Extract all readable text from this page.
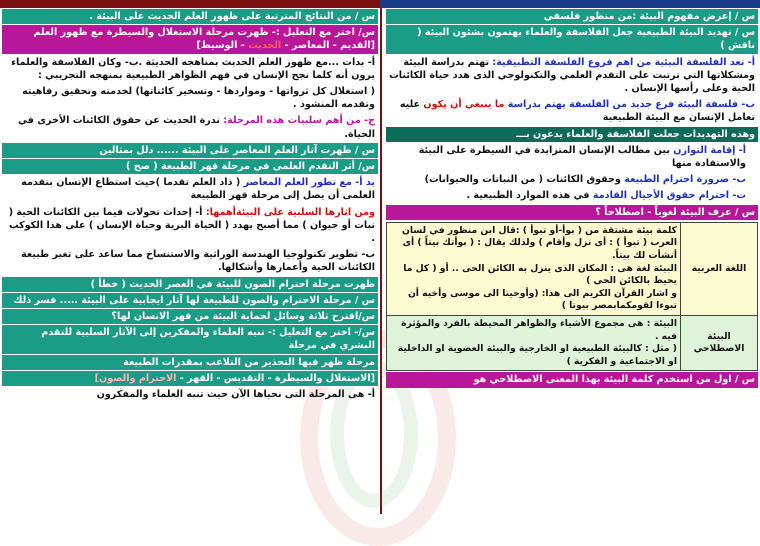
س / إعرض مفهوم البيئة :من منظور فلسفي
س / تهديد البيئة الطبيعية جعل الفلاسفة والعلماء يهتمون بشئون البيئة ( ناقش )
أ- تعد الفلسفة البيئية من اهم فروع الفلسفة التطبيقية: تهتم بدراسة البيئة ومشكلاتها التي ترتبت على التقدم العلمي والتكنولوجي الذى هدد حياة الكائنات الحية وعلى رأسها الإنسان .
ب- فلسفة البيئة فرع جديد من الفلسفة يهتم بدراسة ما ينبغي أن يكون عليه تعامل الإنسان مع البيئة الطبيعية
وهذه التهديدات جعلت الفلاسفة والعلماء يدعون بـــ
أ- إقامة التوازن بين مطالب الإنسان المتزايدة في السيطرة على البيئة والاستفادة منها
ب- ضرورة احترام الطبيعة وحقوق الكائنات ( من النباتات والحيوانات)
ت- احترام حقوق الأجيال القادمة في هذه الموارد الطبيعية .
س / عرف البيئة لغوياً - اصطلاحاً ؟
اللغة العربية	كلمة بيئة مشتقة من ( بوأ-أو تبوأ ) :قال ابن منظور في لسان العرب ( تبوأ ) : أى نزل وأقام ) ولذلك يقال : ( بوأتك بيتاً ) أى أنشأت لك بيتاً.
البيئة لغة هى : المكان الذى ينزل به الكائن الحى .. أو ( كل ما يحيط بالكائن الحي )
و اشار القرآن الكريم الى هذا: (وأوحينا الى موسى وأخيه أن تبوءا لقومكمابمصر بيوتا )

البيئة الاصطلاحي	البيئة : هى مجموع الأشياء والظواهر المحيطة بالفرد والمؤثرة فيه .
( مثل : كالبيئة الطبيعية او الخارجية والبيئة العضوية او الداخلية او الاجتماعية و الفكرية )
س / اول من استخدم كلمة البيئة بهذا المعنى الاصطلاحي هو
س / من النتائج المترتبة على ظهور العلم الحديث على البيئة .
س/ اختر مع التعليل :- ظهرت مرحلة الاستغلال والسيطرة مع ظهور العلم [القديم - المعاصر - الحديث - الوسيط]
أ- بدات ...مع ظهور العلم الحديث بمناهجه الحديثة .ب- وكان الفلاسفة والعلماء يرون أنه كلما نجح الإنسان في فهم الظواهر الطبيعية بمنهجه التجريبي :
( استغلال كل ثرواتها - ومواردها - وتسخير كائناتها) لخدمته وتحقيق رفاهيته وتقدمه المنشود .
ج- من أهم سلبيات هذه المرحلة: ندرة الحديث عن حقوق الكائنات الأخرى في الحياة.
س / ظهرت آثار العلم المعاصر على البيئة ...... دلل بمثالين
س/ أثر التقدم العلمي في مرحلة قهر الطبيعة ( صح )
بد أ- مع تطور العلم المعاصر ( ذاد العلم تقدما )حيث استطاع الإنسان بتقدمه العلمى أن يصل إلى مرحلة قهر الطبيعة
ومن اثارها السلبية على البيئةأهمها: أ- إحداث تحولات فيما بين الكائنات الحية ( نبات أو حيوان ) مما أصبح يهدد ( الحياة البرية وحياة الإنسان ) على هذا الكوكب .
ب- تطوير تكنولوجيا الهندسة الوراثية والاستنساخ مما ساعد على تغير طبيعة الكائنات الحية وأعمارها وأشكالها.
ظهرت مرحلة احترام الصون للبيئة في العصر الحديث ( خطأ )
س / مرحلة الاحترام والصون للطبيعة لها آثار ايجابية على البيئة ..... فسر ذلك
س/اقترح ثلاثة وسائل لحماية البيئة من قهر الانسان لها؟
س/- اختر مع التعليل :- تنبه العلماء والمفكرين إلى الآثار السلبية للتقدم البشري في مرحلة
مرحلة ظهر فيها التحذير من التلاعب بمقدرات الطبيعة
[الاستغلال والسيطرة - التقديس - القهر - الاحترام والصون]
أ- هى المرحلة التى نحياها الآن حيث تنبه العلماء والمفكرون
